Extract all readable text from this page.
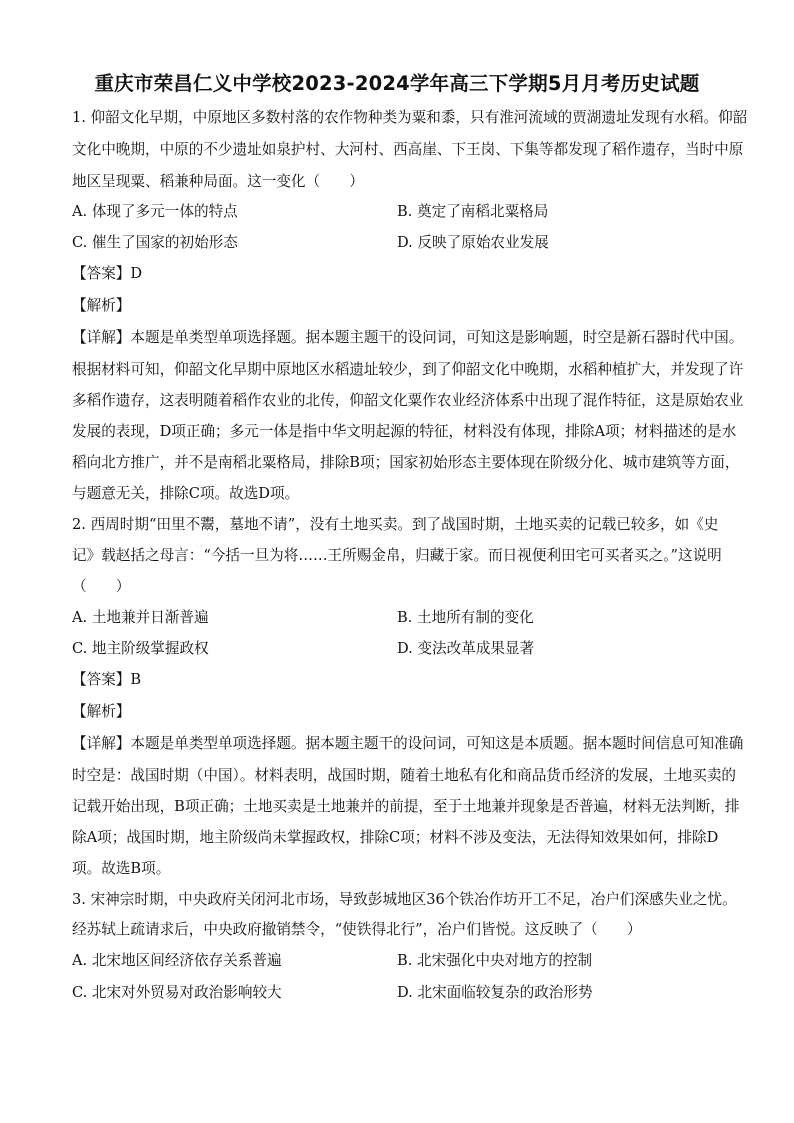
重庆市荣昌仁义中学校2023-2024学年高三下学期5月月考历史试题
1. 仰韶文化早期，中原地区多数村落的农作物种类为粟和黍，只有淮河流域的贾湖遗址发现有水稻。仰韶
文化中晚期，中原的不少遗址如泉护村、大河村、西高崖、下王岗、下集等都发现了稻作遗存，当时中原
地区呈现粟、稻兼种局面。这一变化（　　）
A. 体现了多元一体的特点	B. 奠定了南稻北粟格局
C. 催生了国家的初始形态	D. 反映了原始农业发展
【答案】D
【解析】
【详解】本题是单类型单项选择题。据本题主题干的设问词，可知这是影响题，时空是新石器时代中国。
根据材料可知，仰韶文化早期中原地区水稻遗址较少，到了仰韶文化中晚期，水稻种植扩大，并发现了许
多稻作遗存，这表明随着稻作农业的北传，仰韶文化粟作农业经济体系中出现了混作特征，这是原始农业
发展的表现，D项正确；多元一体是指中华文明起源的特征，材料没有体现，排除A项；材料描述的是水
稻向北方推广，并不是南稻北粟格局，排除B项；国家初始形态主要体现在阶级分化、城市建筑等方面，
与题意无关，排除C项。故选D项。
2. 西周时期“田里不鬻，墓地不请”，没有土地买卖。到了战国时期，土地买卖的记载已较多，如《史
记》载赵括之母言：“今括一旦为将……王所赐金帛，归藏于家。而日视便利田宅可买者买之。”这说明
（　　）
A. 土地兼并日渐普遍	B. 土地所有制的变化
C. 地主阶级掌握政权	D. 变法改革成果显著
【答案】B
【解析】
【详解】本题是单类型单项选择题。据本题主题干的设问词，可知这是本质题。据本题时间信息可知准确
时空是：战国时期（中国）。材料表明，战国时期，随着土地私有化和商品货币经济的发展，土地买卖的
记载开始出现，B项正确；土地买卖是土地兼并的前提，至于土地兼并现象是否普遍，材料无法判断，排
除A项；战国时期，地主阶级尚未掌握政权，排除C项；材料不涉及变法，无法得知效果如何，排除D
项。故选B项。
3. 宋神宗时期，中央政府关闭河北市场，导致彭城地区36个铁冶作坊开工不足，冶户们深感失业之忧。
经苏轼上疏请求后，中央政府撤销禁令，“使铁得北行”，冶户们皆悦。这反映了（　　）
A. 北宋地区间经济依存关系普遍	B. 北宋强化中央对地方的控制
C. 北宋对外贸易对政治影响较大	D. 北宋面临较复杂的政治形势
